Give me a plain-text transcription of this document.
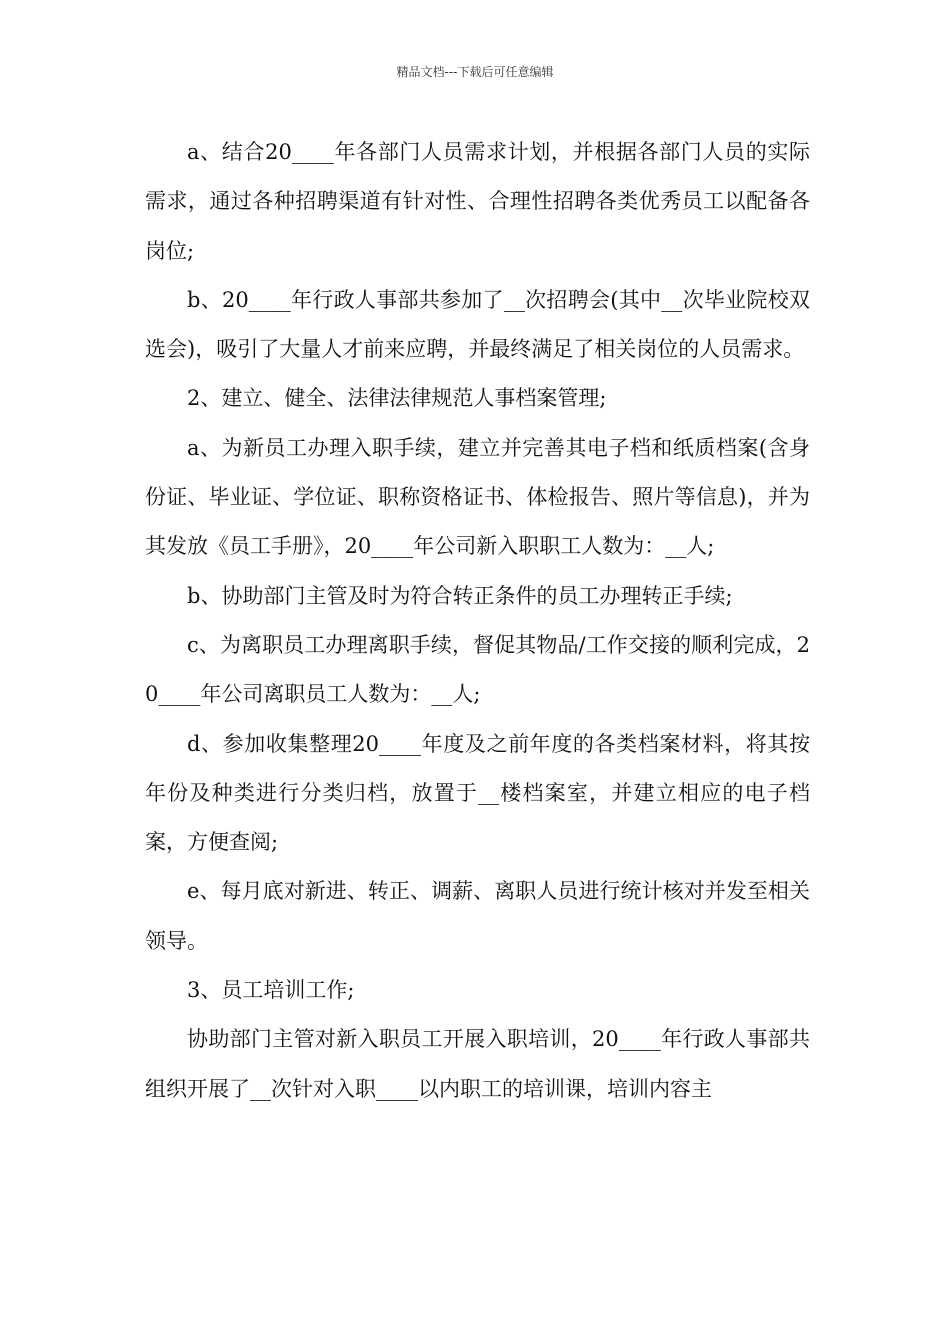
精品文档---下载后可任意编辑

a、结合20____年各部门人员需求计划，并根据各部门人员的实际需求，通过各种招聘渠道有针对性、合理性招聘各类优秀员工以配备各岗位;

b、20____年行政人事部共参加了__次招聘会(其中__次毕业院校双选会)，吸引了大量人才前来应聘，并最终满足了相关岗位的人员需求。

2、建立、健全、法律法律规范人事档案管理;

a、为新员工办理入职手续，建立并完善其电子档和纸质档案(含身份证、毕业证、学位证、职称资格证书、体检报告、照片等信息)，并为其发放《员工手册》，20____年公司新入职职工人数为：__人;

b、协助部门主管及时为符合转正条件的员工办理转正手续;

c、为离职员工办理离职手续，督促其物品/工作交接的顺利完成，20____年公司离职员工人数为：__人;

d、参加收集整理20____年度及之前年度的各类档案材料，将其按年份及种类进行分类归档，放置于__楼档案室，并建立相应的电子档案，方便查阅;

e、每月底对新进、转正、调薪、离职人员进行统计核对并发至相关领导。

3、员工培训工作;

协助部门主管对新入职员工开展入职培训，20____年行政人事部共组织开展了__次针对入职____以内职工的培训课，培训内容主
